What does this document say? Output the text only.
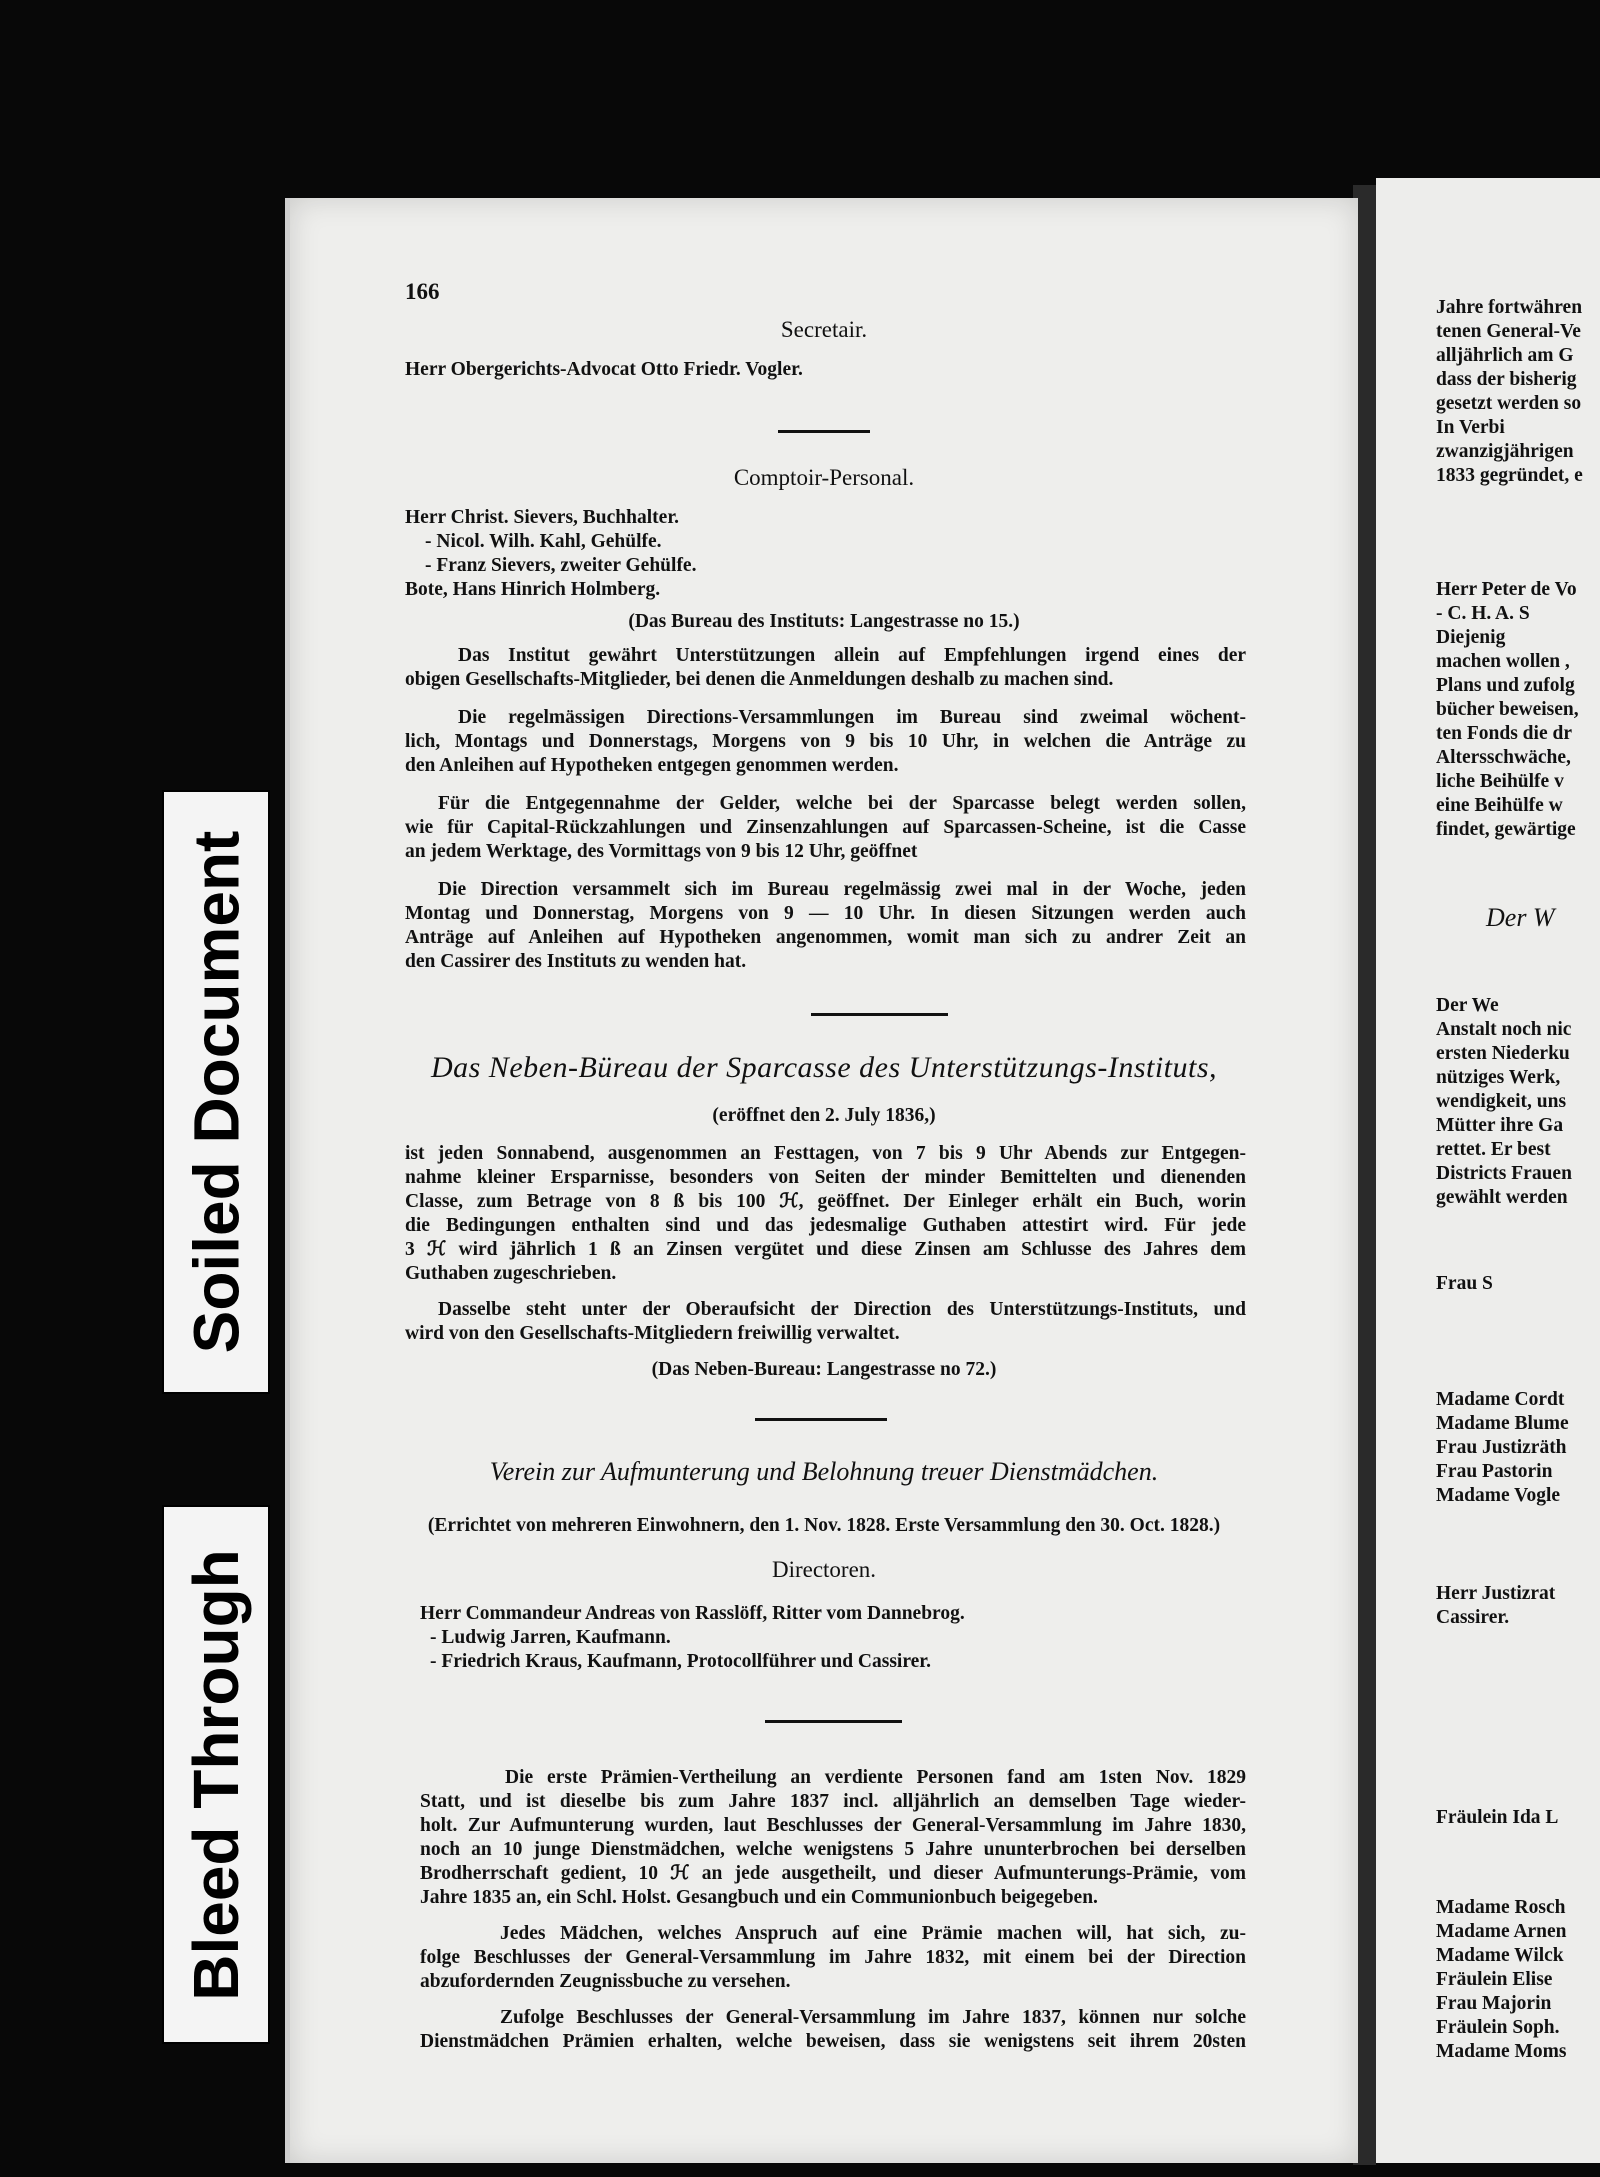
Soiled Document
Bleed Through
166
Secretair.
Herr Obergerichts-Advocat Otto Friedr. Vogler.
Comptoir-Personal.
Herr Christ. Sievers, Buchhalter.
- Nicol. Wilh. Kahl, Gehülfe.
- Franz Sievers, zweiter Gehülfe.
Bote, Hans Hinrich Holmberg.
(Das Bureau des Instituts: Langestrasse no 15.)
Das Institut gewährt Unterstützungen allein auf Empfehlungen irgend eines der
obigen Gesellschafts-Mitglieder, bei denen die Anmeldungen deshalb zu machen sind.
Die regelmässigen Directions-Versammlungen im Bureau sind zweimal wöchent-
lich, Montags und Donnerstags, Morgens von 9 bis 10 Uhr, in welchen die Anträge zu
den Anleihen auf Hypotheken entgegen genommen werden.
Für die Entgegennahme der Gelder, welche bei der Sparcasse belegt werden sollen,
wie für Capital-Rückzahlungen und Zinsenzahlungen auf Sparcassen-Scheine, ist die Casse
an jedem Werktage, des Vormittags von 9 bis 12 Uhr, geöffnet
Die Direction versammelt sich im Bureau regelmässig zwei mal in der Woche, jeden
Montag und Donnerstag, Morgens von 9 — 10 Uhr. In diesen Sitzungen werden auch
Anträge auf Anleihen auf Hypotheken angenommen, womit man sich zu andrer Zeit an
den Cassirer des Instituts zu wenden hat.
Das Neben-Büreau der Sparcasse des Unterstützungs-Instituts,
(eröffnet den 2. July 1836,)
ist jeden Sonnabend, ausgenommen an Festtagen, von 7 bis 9 Uhr Abends zur Entgegen-
nahme kleiner Ersparnisse, besonders von Seiten der minder Bemittelten und dienenden
Classe, zum Betrage von 8 ß bis 100 ℋ, geöffnet. Der Einleger erhält ein Buch, worin
die Bedingungen enthalten sind und das jedesmalige Guthaben attestirt wird. Für jede
3 ℋ wird jährlich 1 ß an Zinsen vergütet und diese Zinsen am Schlusse des Jahres dem
Guthaben zugeschrieben.
Dasselbe steht unter der Oberaufsicht der Direction des Unterstützungs-Instituts, und
wird von den Gesellschafts-Mitgliedern freiwillig verwaltet.
(Das Neben-Bureau: Langestrasse no 72.)
Verein zur Aufmunterung und Belohnung treuer Dienstmädchen.
(Errichtet von mehreren Einwohnern, den 1. Nov. 1828. Erste Versammlung den 30. Oct. 1828.)
Directoren.
Herr Commandeur Andreas von Rasslöff, Ritter vom Dannebrog.
- Ludwig Jarren, Kaufmann.
- Friedrich Kraus, Kaufmann, Protocollführer und Cassirer.
Die erste Prämien-Vertheilung an verdiente Personen fand am 1sten Nov. 1829
Statt, und ist dieselbe bis zum Jahre 1837 incl. alljährlich an demselben Tage wieder-
holt. Zur Aufmunterung wurden, laut Beschlusses der General-Versammlung im Jahre 1830,
noch an 10 junge Dienstmädchen, welche wenigstens 5 Jahre ununterbrochen bei derselben
Brodherrschaft gedient, 10 ℋ an jede ausgetheilt, und dieser Aufmunterungs-Prämie, vom
Jahre 1835 an, ein Schl. Holst. Gesangbuch und ein Communionbuch beigegeben.
Jedes Mädchen, welches Anspruch auf eine Prämie machen will, hat sich, zu-
folge Beschlusses der General-Versammlung im Jahre 1832, mit einem bei der Direction
abzufordernden Zeugnissbuche zu versehen.
Zufolge Beschlusses der General-Versammlung im Jahre 1837, können nur solche
Dienstmädchen Prämien erhalten, welche beweisen, dass sie wenigstens seit ihrem 20sten
Jahre fortwähren
tenen General-Ve
alljährlich am G
dass der bisherig
gesetzt werden so
In Verbi
zwanzigjährigen
1833 gegründet, e
Herr Peter de Vo
- C. H. A. S
Diejenig
machen wollen ,
Plans und zufolg
bücher beweisen,
ten Fonds die dr
Altersschwäche,
liche Beihülfe v
eine Beihülfe w
findet, gewärtige
Der W
Der We
Anstalt noch nic
ersten Niederku
nütziges Werk,
wendigkeit, uns
Mütter ihre Ga
rettet. Er best
Districts Frauen
gewählt werden
Frau S
Madame Cordt
Madame Blume
Frau Justizräth
Frau Pastorin
Madame Vogle
Herr Justizrat
Cassirer.
Fräulein Ida L
Madame Rosch
Madame Arnen
Madame Wilck
Fräulein Elise
Frau Majorin
Fräulein Soph.
Madame Moms
